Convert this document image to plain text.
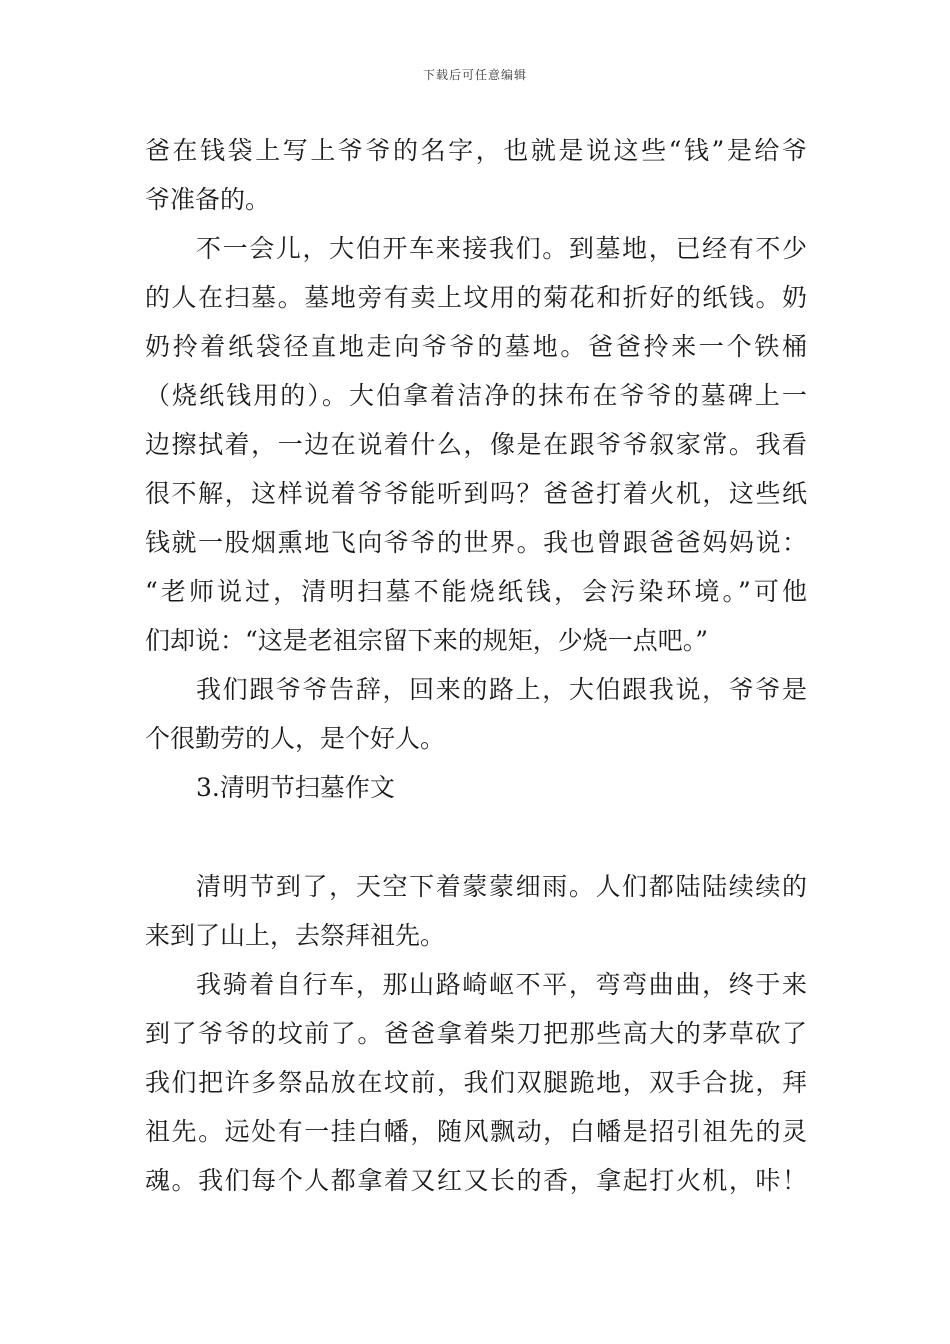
下载后可任意编辑
爸在钱袋上写上爷爷的名字，也就是说这些“钱”是给爷
爷准备的。
不一会儿，大伯开车来接我们。到墓地，已经有不少
的人在扫墓。墓地旁有卖上坟用的菊花和折好的纸钱。奶
奶拎着纸袋径直地走向爷爷的墓地。爸爸拎来一个铁桶
（烧纸钱用的）。大伯拿着洁净的抹布在爷爷的墓碑上一
边擦拭着，一边在说着什么，像是在跟爷爷叙家常。我看
很不解，这样说着爷爷能听到吗？爸爸打着火机，这些纸
钱就一股烟熏地飞向爷爷的世界。我也曾跟爸爸妈妈说：
“老师说过，清明扫墓不能烧纸钱，会污染环境。”可他
们却说：“这是老祖宗留下来的规矩，少烧一点吧。”
我们跟爷爷告辞，回来的路上，大伯跟我说，爷爷是
个很勤劳的人，是个好人。
3.清明节扫墓作文
清明节到了，天空下着蒙蒙细雨。人们都陆陆续续的
来到了山上，去祭拜祖先。
我骑着自行车，那山路崎岖不平，弯弯曲曲，终于来
到了爷爷的坟前了。爸爸拿着柴刀把那些高大的茅草砍了
我们把许多祭品放在坟前，我们双腿跪地，双手合拢，拜
祖先。远处有一挂白幡，随风飘动，白幡是招引祖先的灵
魂。我们每个人都拿着又红又长的香，拿起打火机，咔！
